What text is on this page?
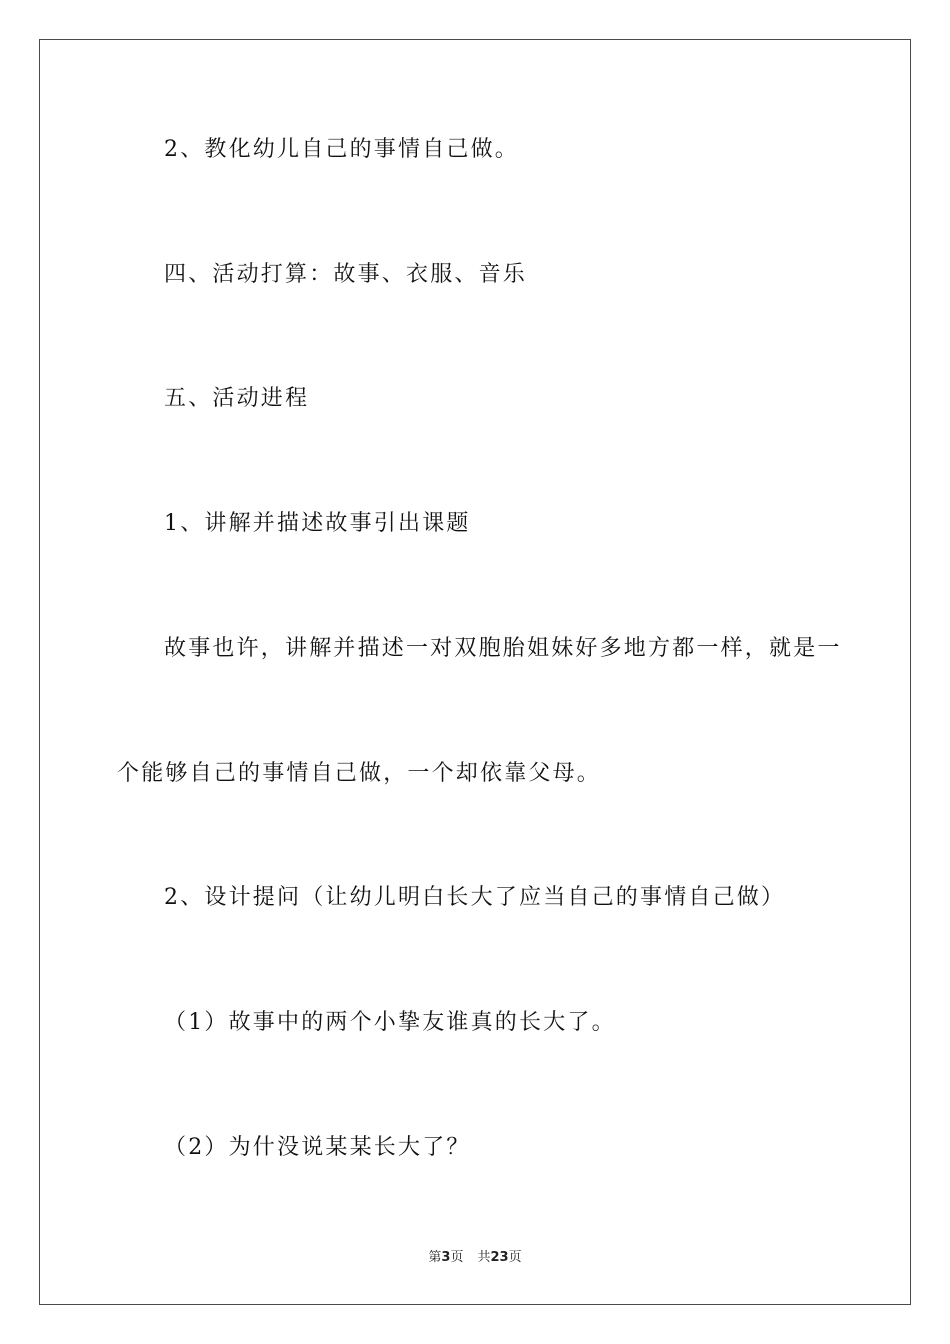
2、教化幼儿自己的事情自己做。
四、活动打算：故事、衣服、音乐
五、活动进程
1、讲解并描述故事引出课题
故事也许，讲解并描述一对双胞胎姐妹好多地方都一样，就是一
个能够自己的事情自己做，一个却依靠父母。
2、设计提问（让幼儿明白长大了应当自己的事情自己做）
（1）故事中的两个小挚友谁真的长大了。
（2）为什没说某某长大了？
第3页 共23页
